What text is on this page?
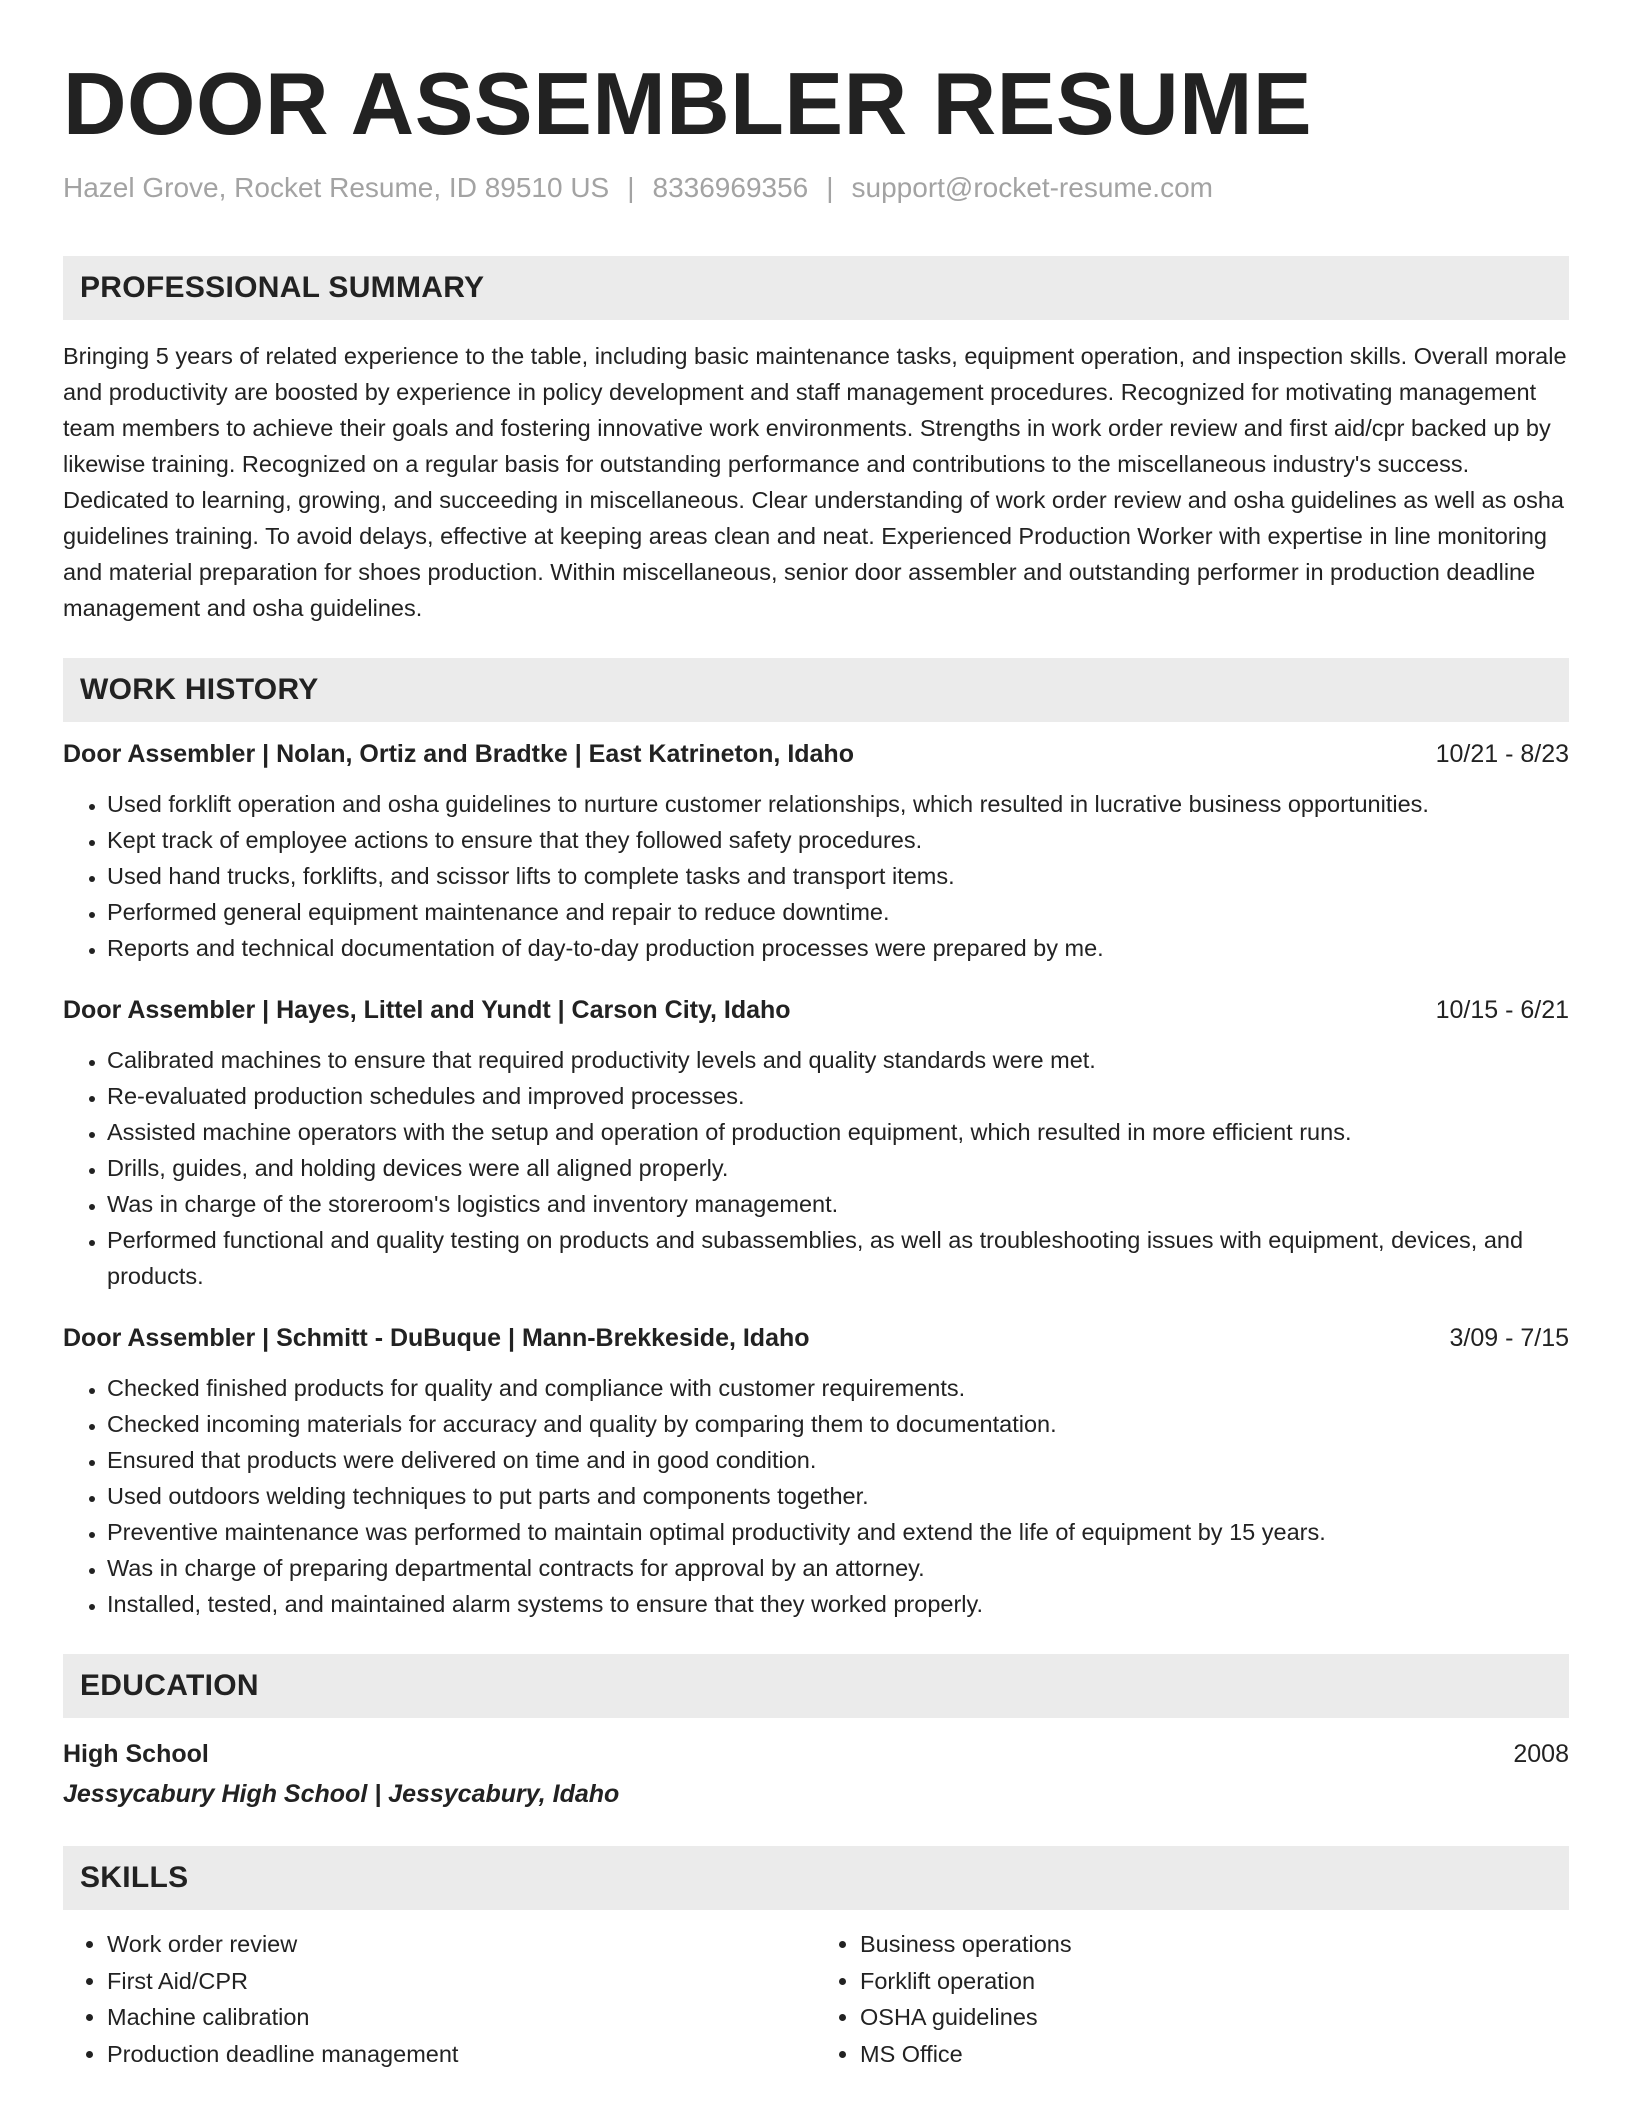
DOOR ASSEMBLER RESUME
Hazel Grove, Rocket Resume, ID 89510 US | 8336969356 | support@rocket-resume.com
PROFESSIONAL SUMMARY
Bringing 5 years of related experience to the table, including basic maintenance tasks, equipment operation, and inspection skills. Overall morale and productivity are boosted by experience in policy development and staff management procedures. Recognized for motivating management team members to achieve their goals and fostering innovative work environments. Strengths in work order review and first aid/cpr backed up by likewise training. Recognized on a regular basis for outstanding performance and contributions to the miscellaneous industry's success. Dedicated to learning, growing, and succeeding in miscellaneous. Clear understanding of work order review and osha guidelines as well as osha guidelines training. To avoid delays, effective at keeping areas clean and neat. Experienced Production Worker with expertise in line monitoring and material preparation for shoes production. Within miscellaneous, senior door assembler and outstanding performer in production deadline management and osha guidelines.
WORK HISTORY
Door Assembler | Nolan, Ortiz and Bradtke | East Katrineton, Idaho	10/21 - 8/23
• Used forklift operation and osha guidelines to nurture customer relationships, which resulted in lucrative business opportunities.
• Kept track of employee actions to ensure that they followed safety procedures.
• Used hand trucks, forklifts, and scissor lifts to complete tasks and transport items.
• Performed general equipment maintenance and repair to reduce downtime.
• Reports and technical documentation of day-to-day production processes were prepared by me.
Door Assembler | Hayes, Littel and Yundt | Carson City, Idaho	10/15 - 6/21
• Calibrated machines to ensure that required productivity levels and quality standards were met.
• Re-evaluated production schedules and improved processes.
• Assisted machine operators with the setup and operation of production equipment, which resulted in more efficient runs.
• Drills, guides, and holding devices were all aligned properly.
• Was in charge of the storeroom's logistics and inventory management.
• Performed functional and quality testing on products and subassemblies, as well as troubleshooting issues with equipment, devices, and products.
Door Assembler | Schmitt - DuBuque | Mann-Brekkeside, Idaho	3/09 - 7/15
• Checked finished products for quality and compliance with customer requirements.
• Checked incoming materials for accuracy and quality by comparing them to documentation.
• Ensured that products were delivered on time and in good condition.
• Used outdoors welding techniques to put parts and components together.
• Preventive maintenance was performed to maintain optimal productivity and extend the life of equipment by 15 years.
• Was in charge of preparing departmental contracts for approval by an attorney.
• Installed, tested, and maintained alarm systems to ensure that they worked properly.
EDUCATION
High School	2008
Jessycabury High School | Jessycabury, Idaho
SKILLS
• Work order review
• First Aid/CPR
• Machine calibration
• Production deadline management
• Business operations
• Forklift operation
• OSHA guidelines
• MS Office
